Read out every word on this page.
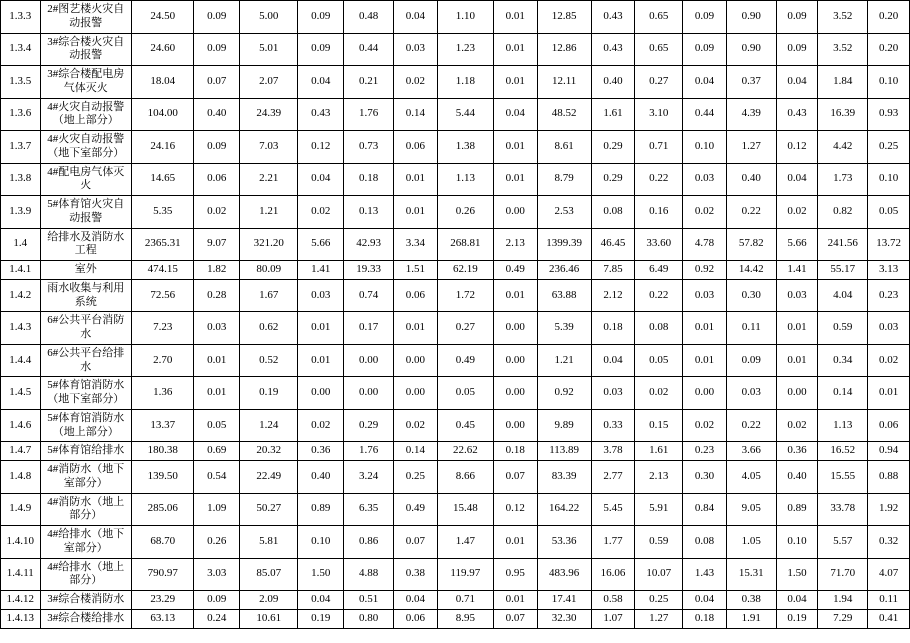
1.3.3	2#图艺楼火灾自动报警	24.50	0.09	5.00	0.09	0.48	0.04	1.10	0.01	12.85	0.43	0.65	0.09	0.90	0.09	3.52	0.20
1.3.4	3#综合楼火灾自动报警	24.60	0.09	5.01	0.09	0.44	0.03	1.23	0.01	12.86	0.43	0.65	0.09	0.90	0.09	3.52	0.20
1.3.5	3#综合楼配电房气体灭火	18.04	0.07	2.07	0.04	0.21	0.02	1.18	0.01	12.11	0.40	0.27	0.04	0.37	0.04	1.84	0.10
1.3.6	4#火灾自动报警（地上部分）	104.00	0.40	24.39	0.43	1.76	0.14	5.44	0.04	48.52	1.61	3.10	0.44	4.39	0.43	16.39	0.93
1.3.7	4#火灾自动报警（地下室部分）	24.16	0.09	7.03	0.12	0.73	0.06	1.38	0.01	8.61	0.29	0.71	0.10	1.27	0.12	4.42	0.25
1.3.8	4#配电房气体灭火	14.65	0.06	2.21	0.04	0.18	0.01	1.13	0.01	8.79	0.29	0.22	0.03	0.40	0.04	1.73	0.10
1.3.9	5#体育馆火灾自动报警	5.35	0.02	1.21	0.02	0.13	0.01	0.26	0.00	2.53	0.08	0.16	0.02	0.22	0.02	0.82	0.05
1.4	给排水及消防水工程	2365.31	9.07	321.20	5.66	42.93	3.34	268.81	2.13	1399.39	46.45	33.60	4.78	57.82	5.66	241.56	13.72
1.4.1	室外	474.15	1.82	80.09	1.41	19.33	1.51	62.19	0.49	236.46	7.85	6.49	0.92	14.42	1.41	55.17	3.13
1.4.2	雨水收集与利用系统	72.56	0.28	1.67	0.03	0.74	0.06	1.72	0.01	63.88	2.12	0.22	0.03	0.30	0.03	4.04	0.23
1.4.3	6#公共平台消防水	7.23	0.03	0.62	0.01	0.17	0.01	0.27	0.00	5.39	0.18	0.08	0.01	0.11	0.01	0.59	0.03
1.4.4	6#公共平台给排水	2.70	0.01	0.52	0.01	0.00	0.00	0.49	0.00	1.21	0.04	0.05	0.01	0.09	0.01	0.34	0.02
1.4.5	5#体育馆消防水（地下室部分）	1.36	0.01	0.19	0.00	0.00	0.00	0.05	0.00	0.92	0.03	0.02	0.00	0.03	0.00	0.14	0.01
1.4.6	5#体育馆消防水（地上部分）	13.37	0.05	1.24	0.02	0.29	0.02	0.45	0.00	9.89	0.33	0.15	0.02	0.22	0.02	1.13	0.06
1.4.7	5#体育馆给排水	180.38	0.69	20.32	0.36	1.76	0.14	22.62	0.18	113.89	3.78	1.61	0.23	3.66	0.36	16.52	0.94
1.4.8	4#消防水（地下室部分）	139.50	0.54	22.49	0.40	3.24	0.25	8.66	0.07	83.39	2.77	2.13	0.30	4.05	0.40	15.55	0.88
1.4.9	4#消防水（地上部分）	285.06	1.09	50.27	0.89	6.35	0.49	15.48	0.12	164.22	5.45	5.91	0.84	9.05	0.89	33.78	1.92
1.4.10	4#给排水（地下室部分）	68.70	0.26	5.81	0.10	0.86	0.07	1.47	0.01	53.36	1.77	0.59	0.08	1.05	0.10	5.57	0.32
1.4.11	4#给排水（地上部分）	790.97	3.03	85.07	1.50	4.88	0.38	119.97	0.95	483.96	16.06	10.07	1.43	15.31	1.50	71.70	4.07
1.4.12	3#综合楼消防水	23.29	0.09	2.09	0.04	0.51	0.04	0.71	0.01	17.41	0.58	0.25	0.04	0.38	0.04	1.94	0.11
1.4.13	3#综合楼给排水	63.13	0.24	10.61	0.19	0.80	0.06	8.95	0.07	32.30	1.07	1.27	0.18	1.91	0.19	7.29	0.41
